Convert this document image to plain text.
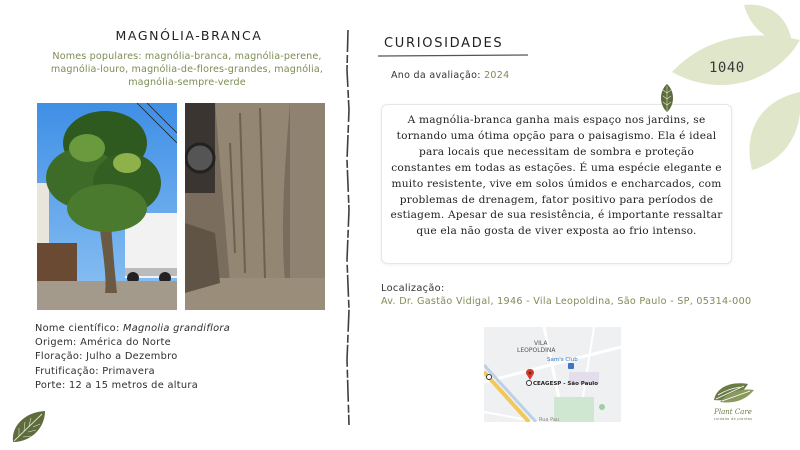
MAGNÓLIA-BRANCA
Nomes populares: magnólia-branca, magnólia-perene, magnólia-louro, magnólia-de-flores-grandes, magnólia, magnólia-sempre-verde
Nome científico: Magnolia grandiflora
Origem: América do Norte
Floração: Julho a Dezembro
Frutificação: Primavera
Porte: 12 a 15 metros de altura
CURIOSIDADES
Ano da avaliação: 2024
A magnólia-branca ganha mais espaço nos jardins, se tornando uma ótima opção para o paisagismo. Ela é ideal para locais que necessitam de sombra e proteção constantes em todas as estações. É uma espécie elegante e muito resistente, vive em solos úmidos e encharcados, com problemas de drenagem, fator positivo para períodos de estiagem. Apesar de sua resistência, é importante ressaltar que ela não gosta de viver exposta ao frio intenso.
Localização:
Av. Dr. Gastão Vidigal, 1946 - Vila Leopoldina, São Paulo - SP, 05314-000
VILA
LEOPOLDINA
Sam's Club
CEAGESP - São Paulo
Rua Pau
1040
Plant Care
cuidado de plantas
